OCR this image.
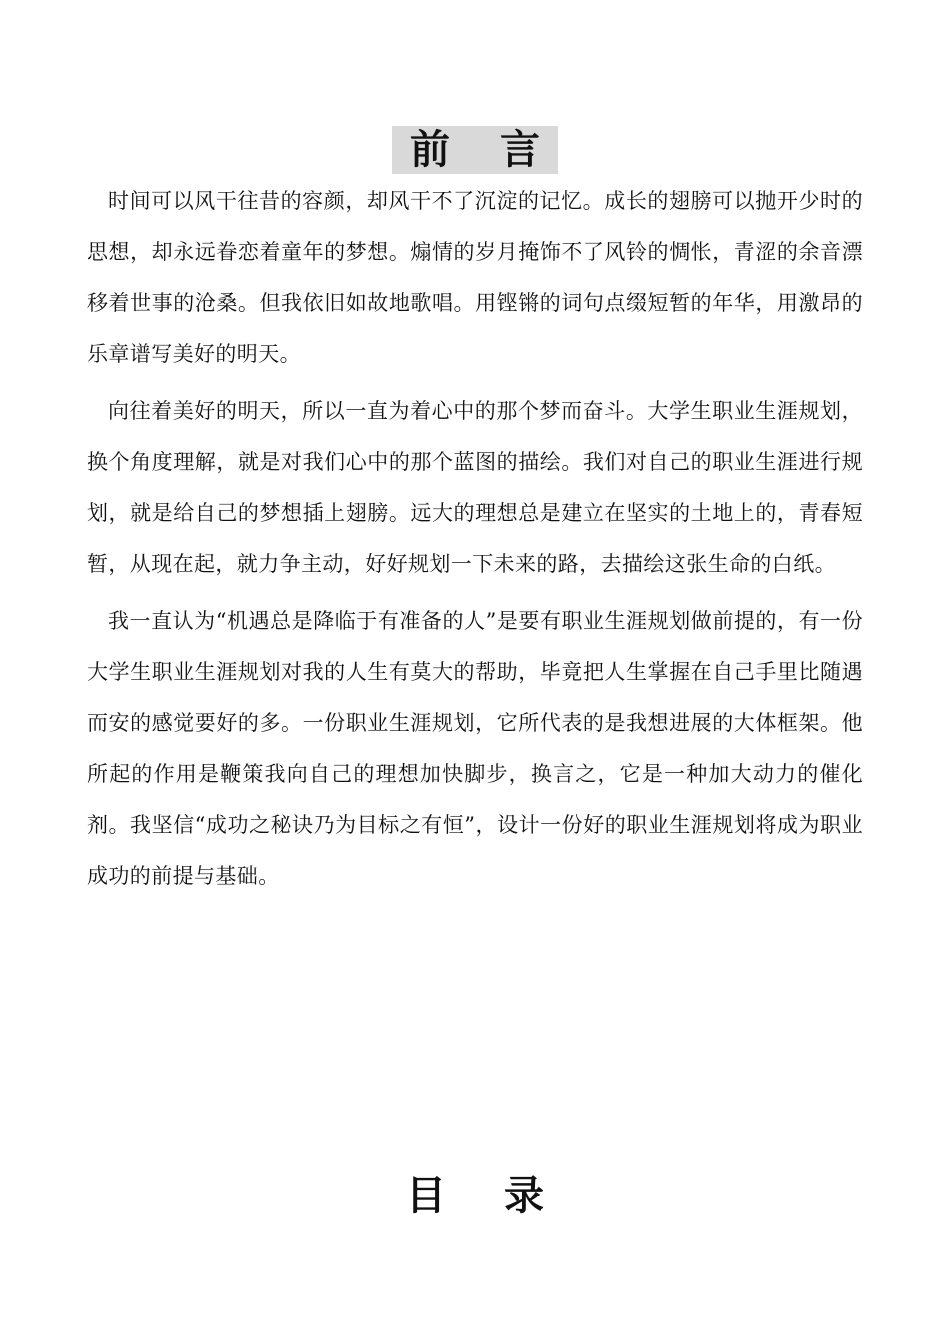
前 言

时间可以风干往昔的容颜，却风干不了沉淀的记忆。成长的翅膀可以抛开少时的思想，却永远眷恋着童年的梦想。煽情的岁月掩饰不了风铃的惆怅，青涩的余音漂移着世事的沧桑。但我依旧如故地歌唱。用铿锵的词句点缀短暂的年华，用激昂的乐章谱写美好的明天。

向往着美好的明天，所以一直为着心中的那个梦而奋斗。大学生职业生涯规划，换个角度理解，就是对我们心中的那个蓝图的描绘。我们对自己的职业生涯进行规划，就是给自己的梦想插上翅膀。远大的理想总是建立在坚实的土地上的，青春短暂，从现在起，就力争主动，好好规划一下未来的路，去描绘这张生命的白纸。

我一直认为“机遇总是降临于有准备的人”是要有职业生涯规划做前提的，有一份大学生职业生涯规划对我的人生有莫大的帮助，毕竟把人生掌握在自己手里比随遇而安的感觉要好的多。一份职业生涯规划，它所代表的是我想进展的大体框架。他所起的作用是鞭策我向自己的理想加快脚步，换言之，它是一种加大动力的催化剂。我坚信“成功之秘诀乃为目标之有恒”，设计一份好的职业生涯规划将成为职业成功的前提与基础。

目 录
